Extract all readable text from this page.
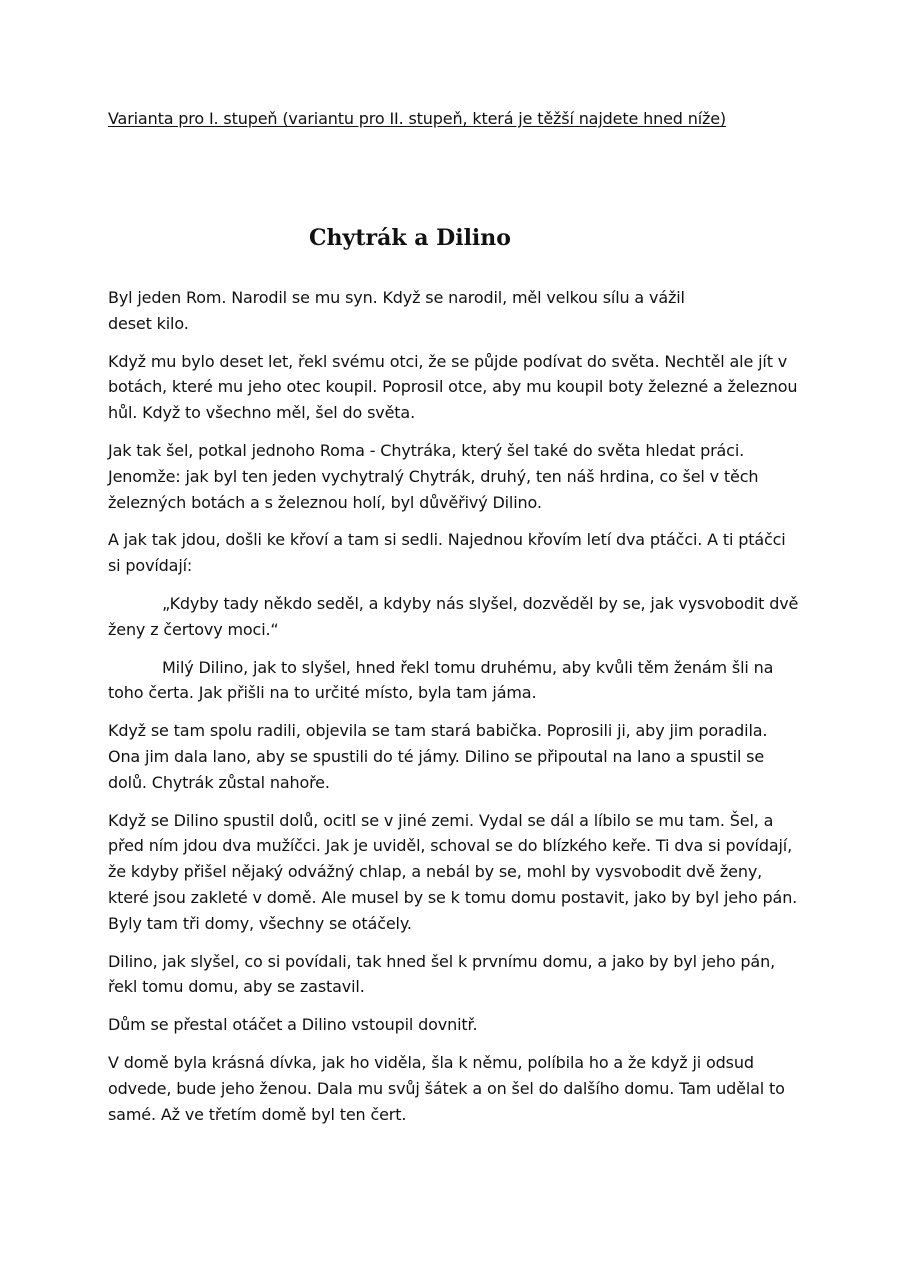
Varianta pro I. stupeň (variantu pro II. stupeň, která je těžší najdete hned níže)

Chytrák a Dilino

Byl jeden Rom. Narodil se mu syn. Když se narodil, měl velkou sílu a vážil deset kilo.

Když mu bylo deset let, řekl svému otci, že se půjde podívat do světa. Nechtěl ale jít v botách, které mu jeho otec koupil. Poprosil otce, aby mu koupil boty železné a železnou hůl. Když to všechno měl, šel do světa.

Jak tak šel, potkal jednoho Roma - Chytráka, který šel také do světa hledat práci. Jenomže: jak byl ten jeden vychytralý Chytrák, druhý, ten náš hrdina, co šel v těch železných botách a s železnou holí, byl důvěřivý Dilino.

A jak tak jdou, došli ke křoví a tam si sedli. Najednou křovím letí dva ptáčci. A ti ptáčci si povídají:

„Kdyby tady někdo seděl, a kdyby nás slyšel, dozvěděl by se, jak vysvobodit dvě ženy z čertovy moci.“

Milý Dilino, jak to slyšel, hned řekl tomu druhému, aby kvůli těm ženám šli na toho čerta. Jak přišli na to určité místo, byla tam jáma.

Když se tam spolu radili, objevila se tam stará babička. Poprosili ji, aby jim poradila. Ona jim dala lano, aby se spustili do té jámy. Dilino se připoutal na lano a spustil se dolů. Chytrák zůstal nahoře.

Když se Dilino spustil dolů, ocitl se v jiné zemi. Vydal se dál a líbilo se mu tam. Šel, a před ním jdou dva mužíčci. Jak je uviděl, schoval se do blízkého keře. Ti dva si povídají, že kdyby přišel nějaký odvážný chlap, a nebál by se, mohl by vysvobodit dvě ženy, které jsou zakleté v domě. Ale musel by se k tomu domu postavit, jako by byl jeho pán. Byly tam tři domy, všechny se otáčely.

Dilino, jak slyšel, co si povídali, tak hned šel k prvnímu domu, a jako by byl jeho pán, řekl tomu domu, aby se zastavil.

Dům se přestal otáčet a Dilino vstoupil dovnitř.

V domě byla krásná dívka, jak ho viděla, šla k němu, políbila ho a že když ji odsud odvede, bude jeho ženou. Dala mu svůj šátek a on šel do dalšího domu. Tam udělal to samé. Až ve třetím domě byl ten čert.
